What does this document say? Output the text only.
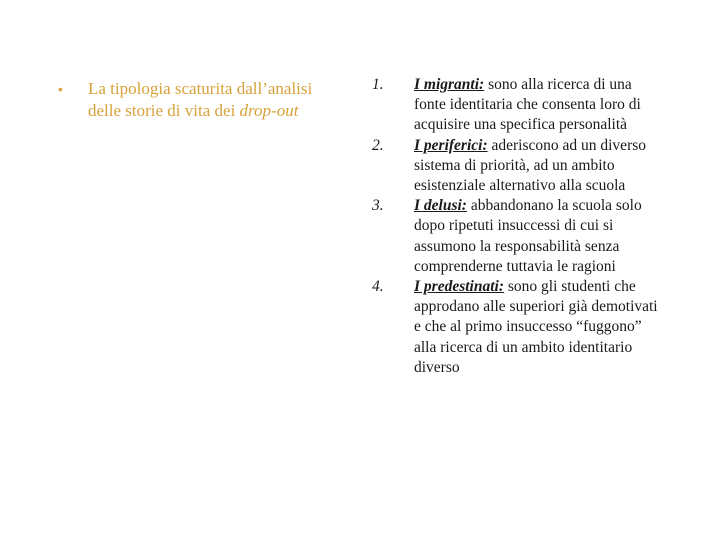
•	La tipologia scaturita dall’analisi delle storie di vita dei drop-out
1.	I migranti: sono alla ricerca di una fonte identitaria che consenta loro di acquisire una specifica personalità
2.	I periferici: aderiscono ad un diverso sistema di priorità, ad un ambito esistenziale alternativo alla scuola
3.	I delusi: abbandonano la scuola solo dopo ripetuti insuccessi di cui si assumono la responsabilità senza comprenderne tuttavia le ragioni
4.	I predestinati: sono gli studenti che approdano alle superiori già demotivati e che al primo insuccesso “fuggono” alla ricerca di un ambito identitario diverso
